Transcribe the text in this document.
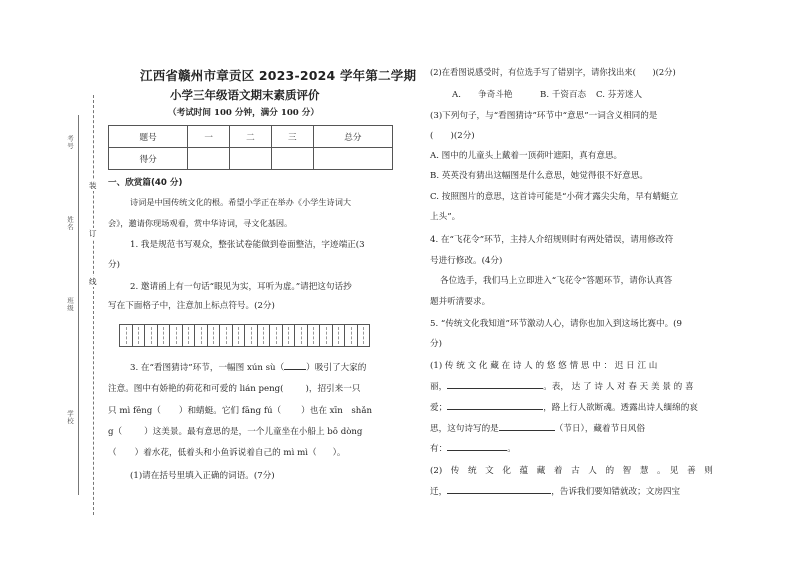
考号
姓名
班级
学校
装
订
线
江西省赣州市章贡区 2023-2024 学年第二学期
小学三年级语文期末素质评价
（考试时间 100 分钟，满分 100 分）
题号	一	二	三	总分
得分				
一、欣赏篇(40 分)
诗词是中国传统文化的根。希望小学正在举办《小学生诗词大
会》，邀请你现场观看，赏中华诗词，寻文化基因。
1. 我是规范书写观众，整张试卷能做到卷面整洁，字迹端正(3
分)
2. 邀请函上有一句话“眼见为实，耳听为虚。”请把这句话抄
写在下面格子中，注意加上标点符号。(2分)

3. 在“看图猜诗”环节，一幅图 xún sù（	）吸引了大家的
注意。图中有娇艳的荷花和可爱的 lián peng(	)，招引来一只
只 mì fēng（ ）和蜻蜓。它们 fāng fú（ ）也在 xīn　shǎn
g（	）这美景。最有意思的是，一个儿童坐在小船上 bō dòng
（ ）着水花，低着头和小鱼诉说着自己的 mì mì（ ）。
(1)请在括号里填入正确的词语。(7分)
(2)在看图说感受时，有位选手写了错别字，请你找出来(　　)(2分)
A.　　争奇斗艳	B. 千资百态 C. 芬芳迷人
(3)下列句子，与“看图猜诗”环节中“意思”一词含义相同的是
(　　)(2分)
A. 图中的儿童头上戴着一顶荷叶遮阳，真有意思。
B. 英英没有猜出这幅图是什么意思，她觉得很不好意思。
C. 按照图片的意思，这首诗可能是“小荷才露尖尖角，早有蜻蜓立
上头”。
4. 在“飞花令”环节，主持人介绍规则时有两处错误，请用修改符
号进行修改。(4分)
各位选手，我们马上立即进入“飞花令”答题环节，请你认真答
题并听清要求。
5. “传统文化我知道”环节激动人心，请你也加入到这场比赛中。(9
分)
(1) 传 统 文 化 藏 在 诗 人 的 悠 悠 情 思 中 ： 迟 日 江 山
丽，	。表， 达 了 诗 人 对 春 天 美 景 的 喜
爱；	，路上行人欲断魂。透露出诗人缅绵的哀
思，这句诗写的是	（节日），藏着节日风俗
有：	。
(2)　传　统　文　化　蕴　藏　着　古　人　的　智　慧　。　见　善　则
迁，	，告诉我们要知错就改；文房四宝
